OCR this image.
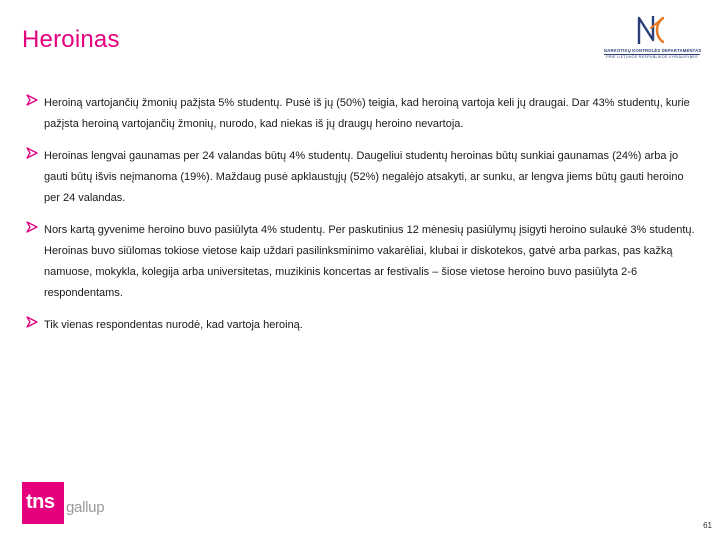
Heroinas	NARKOTIKŲ KONTROLĖS DEPARTAMENTAS
PRIE LIETUVOS RESPUBLIKOS VYRIAUSYBĖS
Heroiną vartojančių žmonių pažįsta 5% studentų. Pusė iš jų (50%) teigia, kad heroiną vartoja keli jų draugai. Dar 43% studentų, kurie pažįsta heroiną vartojančių žmonių, nurodo, kad niekas iš jų draugų heroino nevartoja.
Heroinas lengvai gaunamas per 24 valandas būtų 4% studentų. Daugeliui studentų heroinas būtų sunkiai gaunamas (24%) arba jo gauti būtų išvis neįmanoma (19%). Maždaug pusė apklaustųjų (52%) negalėjo atsakyti, ar sunku, ar lengva jiems būtų gauti heroino per 24 valandas.
Nors kartą gyvenime heroino buvo pasiūlyta 4% studentų. Per paskutinius 12 mėnesių pasiūlymų įsigyti heroino sulaukė 3% studentų. Heroinas buvo siūlomas tokiose vietose kaip uždari pasilinksminimo vakarėliai, klubai ir diskotekos, gatvė arba parkas, pas kažką namuose, mokykla, kolegija arba universitetas, muzikinis koncertas ar festivalis – šiose vietose heroino buvo pasiūlyta 2-6 respondentams.
Tik vienas respondentas nurodė, kad vartoja heroiną.
tns gallup
61
